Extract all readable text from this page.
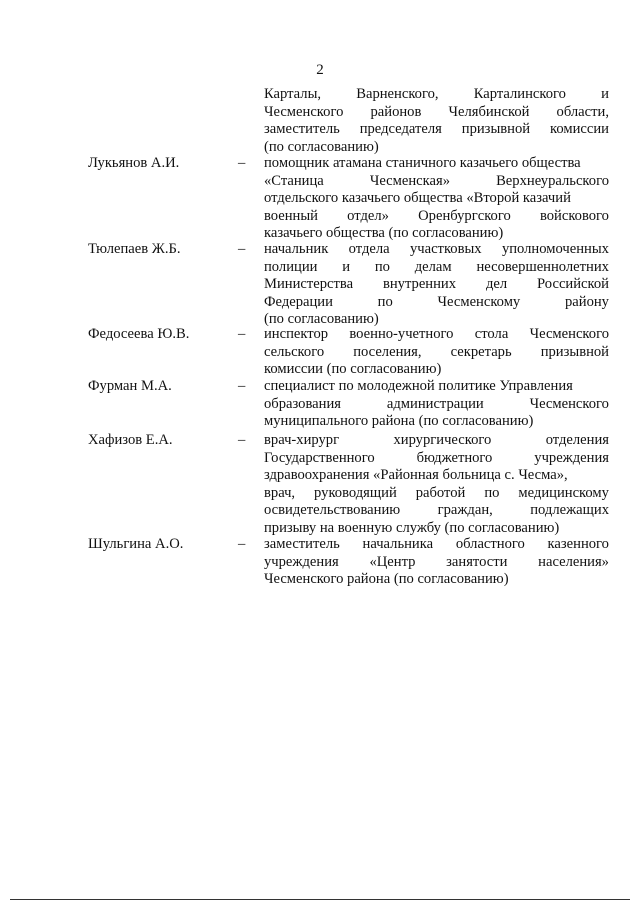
2
Карталы, Варненского, Карталинского и
Чесменского районов Челябинской области,
заместитель председателя призывной комиссии
(по согласованию)
Лукьянов А.И.	– помощник атамана станичного казачьего общества
«Станица	Чесменская»	Верхнеуральского
отдельского казачьего общества «Второй казачий
военный отдел» Оренбургского войскового
казачьего общества (по согласованию)
Тюлепаев Ж.Б.	– начальник отдела участковых уполномоченных
полиции и по делам несовершеннолетних
Министерства внутренних дел Российской
Федерации	по	Чесменскому	району
(по согласованию)
Федосеева Ю.В.	– инспектор военно-учетного стола Чесменского
сельского поселения, секретарь призывной
комиссии (по согласованию)
Фурман М.А.	– специалист по молодежной политике Управления
образования	администрации	Чесменского
муниципального района (по согласованию)
Хафизов Е.А.	– врач-хирург	хирургического	отделения
Государственного	бюджетного	учреждения
здравоохранения «Районная больница с. Чесма»,
врач, руководящий работой по медицинскому
освидетельствованию	граждан,	подлежащих
призыву на военную службу (по согласованию)
Шульгина А.О.	– заместитель начальника областного казенного
учреждения «Центр занятости населения»
Чесменского района (по согласованию)
